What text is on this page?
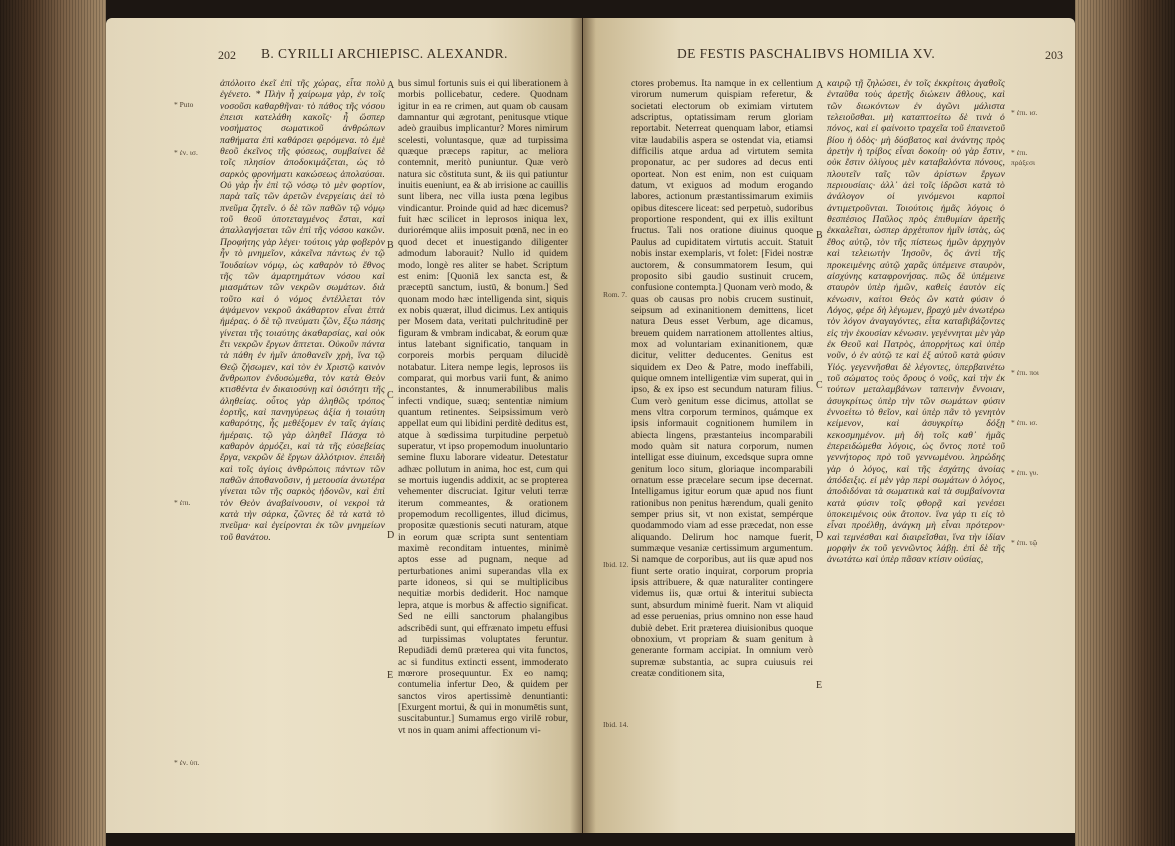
202 B. CYRILLI ARCHIEPISC. ALEXANDR.
* Puto
* ἐν. ισ.
* ἐπι.
* ἐν. ὑπ.

ἀπόλοιτο ἐκεῖ ἐπὶ τῆς χώρας, εἶτα πολὺ ἐγένετο. * Πλὴν ἦ χαίρωμα γὰρ, ἐν τοῖς νοσοῦσι καθαρθῆναι· τὸ πάθος τῆς νόσου ἐπεισι κατελάθη κακοῖς· ἦ ὥσπερ νοσήματος σωματικοῦ ἀνθρώπων παθήματα ἐπὶ καθάρσει φερόμενα. τὸ ἐμὲ θεοῦ ἐκεῖνος τῆς φύσεως, συμβαίνει δὲ τοῖς πλησίον ἀποδοκιμάζεται, ὡς τὸ σαρκὸς φρονήματι κακώσεως ἀπολαύσαι. Οὐ γὰρ ἦν ἐπὶ τῷ νόσῳ τὸ μὲν φορτίον, παρὰ ταῖς τῶν ἀρετῶν ἐνεργείαις ἀεὶ τὸ πνεῦμα ζητεῖν. ὁ δὲ τῶν παθῶν τῷ νόμῳ τοῦ θεοῦ ὑποτεταγμένος ἔσται, καὶ ἀπαλλαγήσεται τῶν ἐπὶ τῆς νόσου κακῶν. Προφήτης γὰρ λέγει· τούτοις γὰρ φοβερὸν ἦν τὸ μνημεῖον, κἀκεῖνα πάντως ἐν τῷ Ἰουδαίων νόμῳ, ὡς καθαρὸν τὸ ἔθνος τῆς τῶν ἁμαρτημάτων νόσου καὶ μιασμάτων τῶν νεκρῶν σωμάτων. διὰ τοῦτο καὶ ὁ νόμος ἐντέλλεται τὸν ἁψάμενον νεκροῦ ἀκάθαρτον εἶναι ἑπτὰ ἡμέρας. ὁ δὲ τῷ πνεύματι ζῶν, ἔξω πάσης γίνεται τῆς τοιαύτης ἀκαθαρσίας, καὶ οὐκ ἔτι νεκρῶν ἔργων ἅπτεται. Οὐκοῦν πάντα τὰ πάθη ἐν ἡμῖν ἀποθανεῖν χρὴ, ἵνα τῷ Θεῷ ζήσωμεν, καὶ τὸν ἐν Χριστῷ καινὸν ἄνθρωπον ἐνδυσώμεθα, τὸν κατὰ Θεὸν κτισθέντα ἐν δικαιοσύνῃ καὶ ὁσιότητι τῆς ἀληθείας. οὗτος γὰρ ἀληθῶς τρόπος ἑορτῆς, καὶ πανηγύρεως ἀξία ἡ τοιαύτη καθαρότης, ἧς μεθέξομεν ἐν ταῖς ἁγίαις ἡμέραις. τῷ γὰρ ἀληθεῖ Πάσχα τὸ καθαρὸν ἁρμόζει, καὶ τὰ τῆς εὐσεβείας ἔργα, νεκρῶν δὲ ἔργων ἀλλότριον. ἐπειδὴ καὶ τοῖς ἁγίοις ἀνθρώποις πάντων τῶν παθῶν ἀποθανοῦσιν, ἡ μετουσία ἀνωτέρα γίνεται τῶν τῆς σαρκὸς ἡδονῶν, καὶ ἐπὶ τὸν Θεὸν ἀναβαίνουσιν, οἱ νεκροὶ τὰ κατὰ τὴν σάρκα, ζῶντες δὲ τὰ κατὰ τὸ πνεῦμα· καὶ ἐγείρονται ἐκ τῶν μνημείων τοῦ θανάτου.

A
B
C
D
E

bus simul fortunis suis ei qui liberationem à morbis pollicebatur, cedere. Quodnam igitur in ea re crimen, aut quam ob causam damnantur qui ægrotant, penitusque vtique adeò grauibus implicantur? Mores nimirum scelesti, voluntasque, quæ ad turpissima quæque præceps rapitur, ac meliora contemnit, meritò puniuntur. Quæ verò natura sic cõstituta sunt, & iis qui patiuntur inuitis eueniunt, ea & ab irrisione ac cauillis sunt libera, nec villa iusta pœna legibus vindicantur. Proinde quid ad hæc dicemus? fuit hæc scilicet in leprosos iniqua lex, duriorémque aliis imposuit pœnā, nec in eo quod decet et inuestigando diligenter admodum laborauit? Nullo id quidem modo, longè res aliter se habet. Scriptum est enim: [Quoniā lex sancta est, & præceptū sanctum, iustū, & bonum.] Sed quonam modo hæc intelligenda sint, siquis ex nobis quærat, illud dicimus. Lex antiquis per Mosem data, veritati pulchritudinē per figuram & vmbram indicabat, & eorum quæ intus latebant significatio, tanquam in corporeis morbis perquam dilucidè notabatur. Litera nempe legis, leprosos iis comparat, qui morbus varii funt, & animo inconstantes, & innumerabilibus malis infecti vndique, suæq; sententiæ nimium quantum retinentes. Seipsissimum verò appellat eum qui libidini perditè deditus est, atque à sœdissima turpitudine perpetuò superatur, vt ipso propemodum inuoluntario semine fluxu laborare videatur. Detestatur adhæc pollutum in anima, hoc est, cum qui se mortuis iugendis addixit, ac se propterea vehementer discruciat. Igitur veluti terræ iterum commeantes, & orationem propemodum recolligentes, illud dicimus, propositæ quæstionis secuti naturam, atque in eorum quæ scripta sunt sententiam maximè reconditam intuentes, minimè aptos esse ad pugnam, neque ad perturbationes animi superandas vlla ex parte idoneos, si qui se multiplicibus nequitiæ morbis dediderit. Hoc namque lepra, atque is morbus & affectio significat. Sed ne eilli sanctorum phalangibus adscribēdi sunt, qui effrænato impetu effusi ad turpissimas voluptates feruntur. Repudiādi demū præterea qui vita functos, ac si funditus extincti essent, immoderato mœrore prosequuntur. Ex eo namq; contumelia infertur Deo, & quidem per sanctos viros apertissimè denuntianti: [Exurgent mortui, & qui in monumētis sunt, suscitabuntur.] Sumamus ergo virilē robur, vt nos in quam animi affectionum vi-

DE FESTIS PASCHALIBVS HOMILIA XV.	203
Rom. 7.
Ibid. 12.
Ibid. 14.

ctores probemus. Ita namque in ex cellentium virorum numerum quispiam referetur, & societati electorum ob eximiam virtutem adscriptus, optatissimam rerum gloriam reportabit. Neterreat quenquam labor, etiamsi vitæ laudabilis aspera se ostendat via, etiamsi difficilis atque ardua ad virtutem semita proponatur, ac per sudores ad decus enti oporteat. Non est enim, non est cuiquam datum, vt exiguos ad modum erogando labores, actionum præstantissimarum eximiis opibus ditescere liceat: sed perpetuò, sudoribus proportione respondent, qui ex illis exiltunt fructus. Tali nos oratione diuinus quoque Paulus ad cupiditatem virtutis accuit. Statuit nobis instar exemplaris, vt folet: [Fidei nostræ auctorem, & consummatorem Iesum, qui proposito sibi gaudio sustinuit crucem, confusione contempta.] Quonam verò modo, & quas ob causas pro nobis crucem sustinuit, seipsum ad exinanitionem demittens, licet natura Deus esset Verbum, age dicamus, breuem quidem narrationem attollentes altius, mox ad voluntariam exinanitionem, quæ dicitur, velitter deducentes. Genitus est siquidem ex Deo & Patre, modo ineffabili, quique omnem intelligentiæ vim superat, qui in ipso, & ex ipso est secundum naturam filius. Cum verò genitum esse dicimus, attollat se mens vltra corporum terminos, quámque ex ipsis informauit cognitionem humilem in abiecta lingens, præstanteius incomparabili modo quàm sit natura corporum, numen intelligat esse diuinum, excedsque supra omne genitum loco situm, gloriaque incomparabili ornatum esse præcelare secum ipse decernat. Intelligamus igitur eorum quæ apud nos fiunt rationibus non penitus hærendum, quali genito semper prius sit, vt non existat, sempérque quodammodo viam ad esse præcedat, non esse aliquando. Delirum hoc namque fuerit, summæque vesaniæ certissimum argumentum. Si namque de corporibus, aut iis quæ apud nos fiunt serte oratio inquirat, corporum propria ipsis attribuere, & quæ naturaliter contingere videmus iis, quæ ortui & interitui subiecta sunt, absurdum minimè fuerit. Nam vt aliquid ad esse peruenias, prius omnino non esse haud dubiè debet. Erit præterea diuisionibus quoque obnoxium, vt propriam & suam genitum à generante formam accipiat. In omnium verò supremæ substantia, ac supra cuiusuis rei creatæ conditionem sita,

A
B
C
D
E

καιρῷ τῇ ζηλώσει, ἐν τοῖς ἐκκρίτοις ἀγαθοῖς ἐνταῦθα τοὺς ἀρετῆς διώκειν ἄθλους, καὶ τῶν διωκόντων ἐν ἀγῶνι μάλιστα τελειοῦσθαι. μὴ καταπτοείτω δὲ τινὰ ὁ πόνος, καὶ εἰ φαίνοιτο τραχεῖα τοῦ ἐπαινετοῦ βίου ἡ ὁδὸς· μὴ δύσβατος καὶ ἀνάντης πρὸς ἀρετὴν ἡ τρίβος εἶναι δοκοίη· οὐ γὰρ ἔστιν, οὐκ ἔστιν ὀλίγους μὲν καταβαλόντα πόνους, πλουτεῖν ταῖς τῶν ἀρίστων ἔργων περιουσίαις· ἀλλ᾽ ἀεὶ τοῖς ἱδρῶσι κατὰ τὸ ἀνάλογον οἱ γινόμενοι καρποὶ ἀντιμετροῦνται. Τοιούτοις ἡμᾶς λόγοις ὁ θεσπέσιος Παῦλος πρὸς ἐπιθυμίαν ἀρετῆς ἐκκαλεῖται, ὡσπερ ἀρχέτυπον ἡμῖν ἱστὰς, ὡς ἔθος αὐτῷ, τὸν τῆς πίστεως ἡμῶν ἀρχηγὸν καὶ τελειωτὴν Ἰησοῦν, ὃς ἀντὶ τῆς προκειμένης αὐτῷ χαρᾶς ὑπέμεινε σταυρὸν, αἰσχύνης καταφρονήσας. πῶς δὲ ὑπέμεινε σταυρὸν ὑπὲρ ἡμῶν, καθεὶς ἑαυτὸν εἰς κένωσιν, καίτοι Θεὸς ὢν κατὰ φύσιν ὁ Λόγος, φέρε δὴ λέγωμεν, βραχὺ μὲν ἀνωτέρω τὸν λόγον ἀναγαγόντες, εἶτα καταβιβάζοντες εἰς τὴν ἑκουσίαν κένωσιν. γεγέννηται μὲν γὰρ ἐκ Θεοῦ καὶ Πατρὸς, ἀπορρήτως καὶ ὑπὲρ νοῦν, ὁ ἐν αὐτῷ τε καὶ ἐξ αὐτοῦ κατὰ φύσιν Υἱός. γεγεννῆσθαι δὲ λέγοντες, ὑπερβαινέτω τοῦ σώματος τοὺς ὅρους ὁ νοῦς, καὶ τὴν ἐκ τούτων μεταλαμβάνων ταπεινὴν ἔννοιαν, ἀσυγκρίτως ὑπὲρ τὴν τῶν σωμάτων φύσιν ἐννοείτω τὸ θεῖον, καὶ ὑπὲρ πᾶν τὸ γενητὸν κείμενον, καὶ ἀσυγκρίτῳ δόξῃ κεκοσμημένον. μὴ δὴ τοῖς καθ᾽ ἡμᾶς ἐπερειδώμεθα λόγοις, ὡς ὄντος ποτὲ τοῦ γεννήτορος πρὸ τοῦ γεννωμένου. ληρώδης γὰρ ὁ λόγος, καὶ τῆς ἐσχάτης ἀνοίας ἀπόδειξις. εἰ μὲν γὰρ περὶ σωμάτων ὁ λόγος, ἀποδιδόναι τὰ σωματικὰ καὶ τὰ συμβαίνοντα κατὰ φύσιν τοῖς φθορᾷ καὶ γενέσει ὑποκειμένοις οὐκ ἄτοπον. ἵνα γάρ τι εἰς τὸ εἶναι προέλθῃ, ἀνάγκη μὴ εἶναι πρότερον· καὶ τεμνέσθαι καὶ διαιρεῖσθαι, ἵνα τὴν ἰδίαν μορφὴν ἐκ τοῦ γεννῶντος λάβῃ. ἐπὶ δὲ τῆς ἀνωτάτω καὶ ὑπὲρ πᾶσαν κτίσιν οὐσίας,

* ἐπι. ισ.
* ἐπι. πράξεσι
* ἐπι. ποι
* ἐπι. ισ.
* ἐπι. γυ.
* ἐπι. τῷ
